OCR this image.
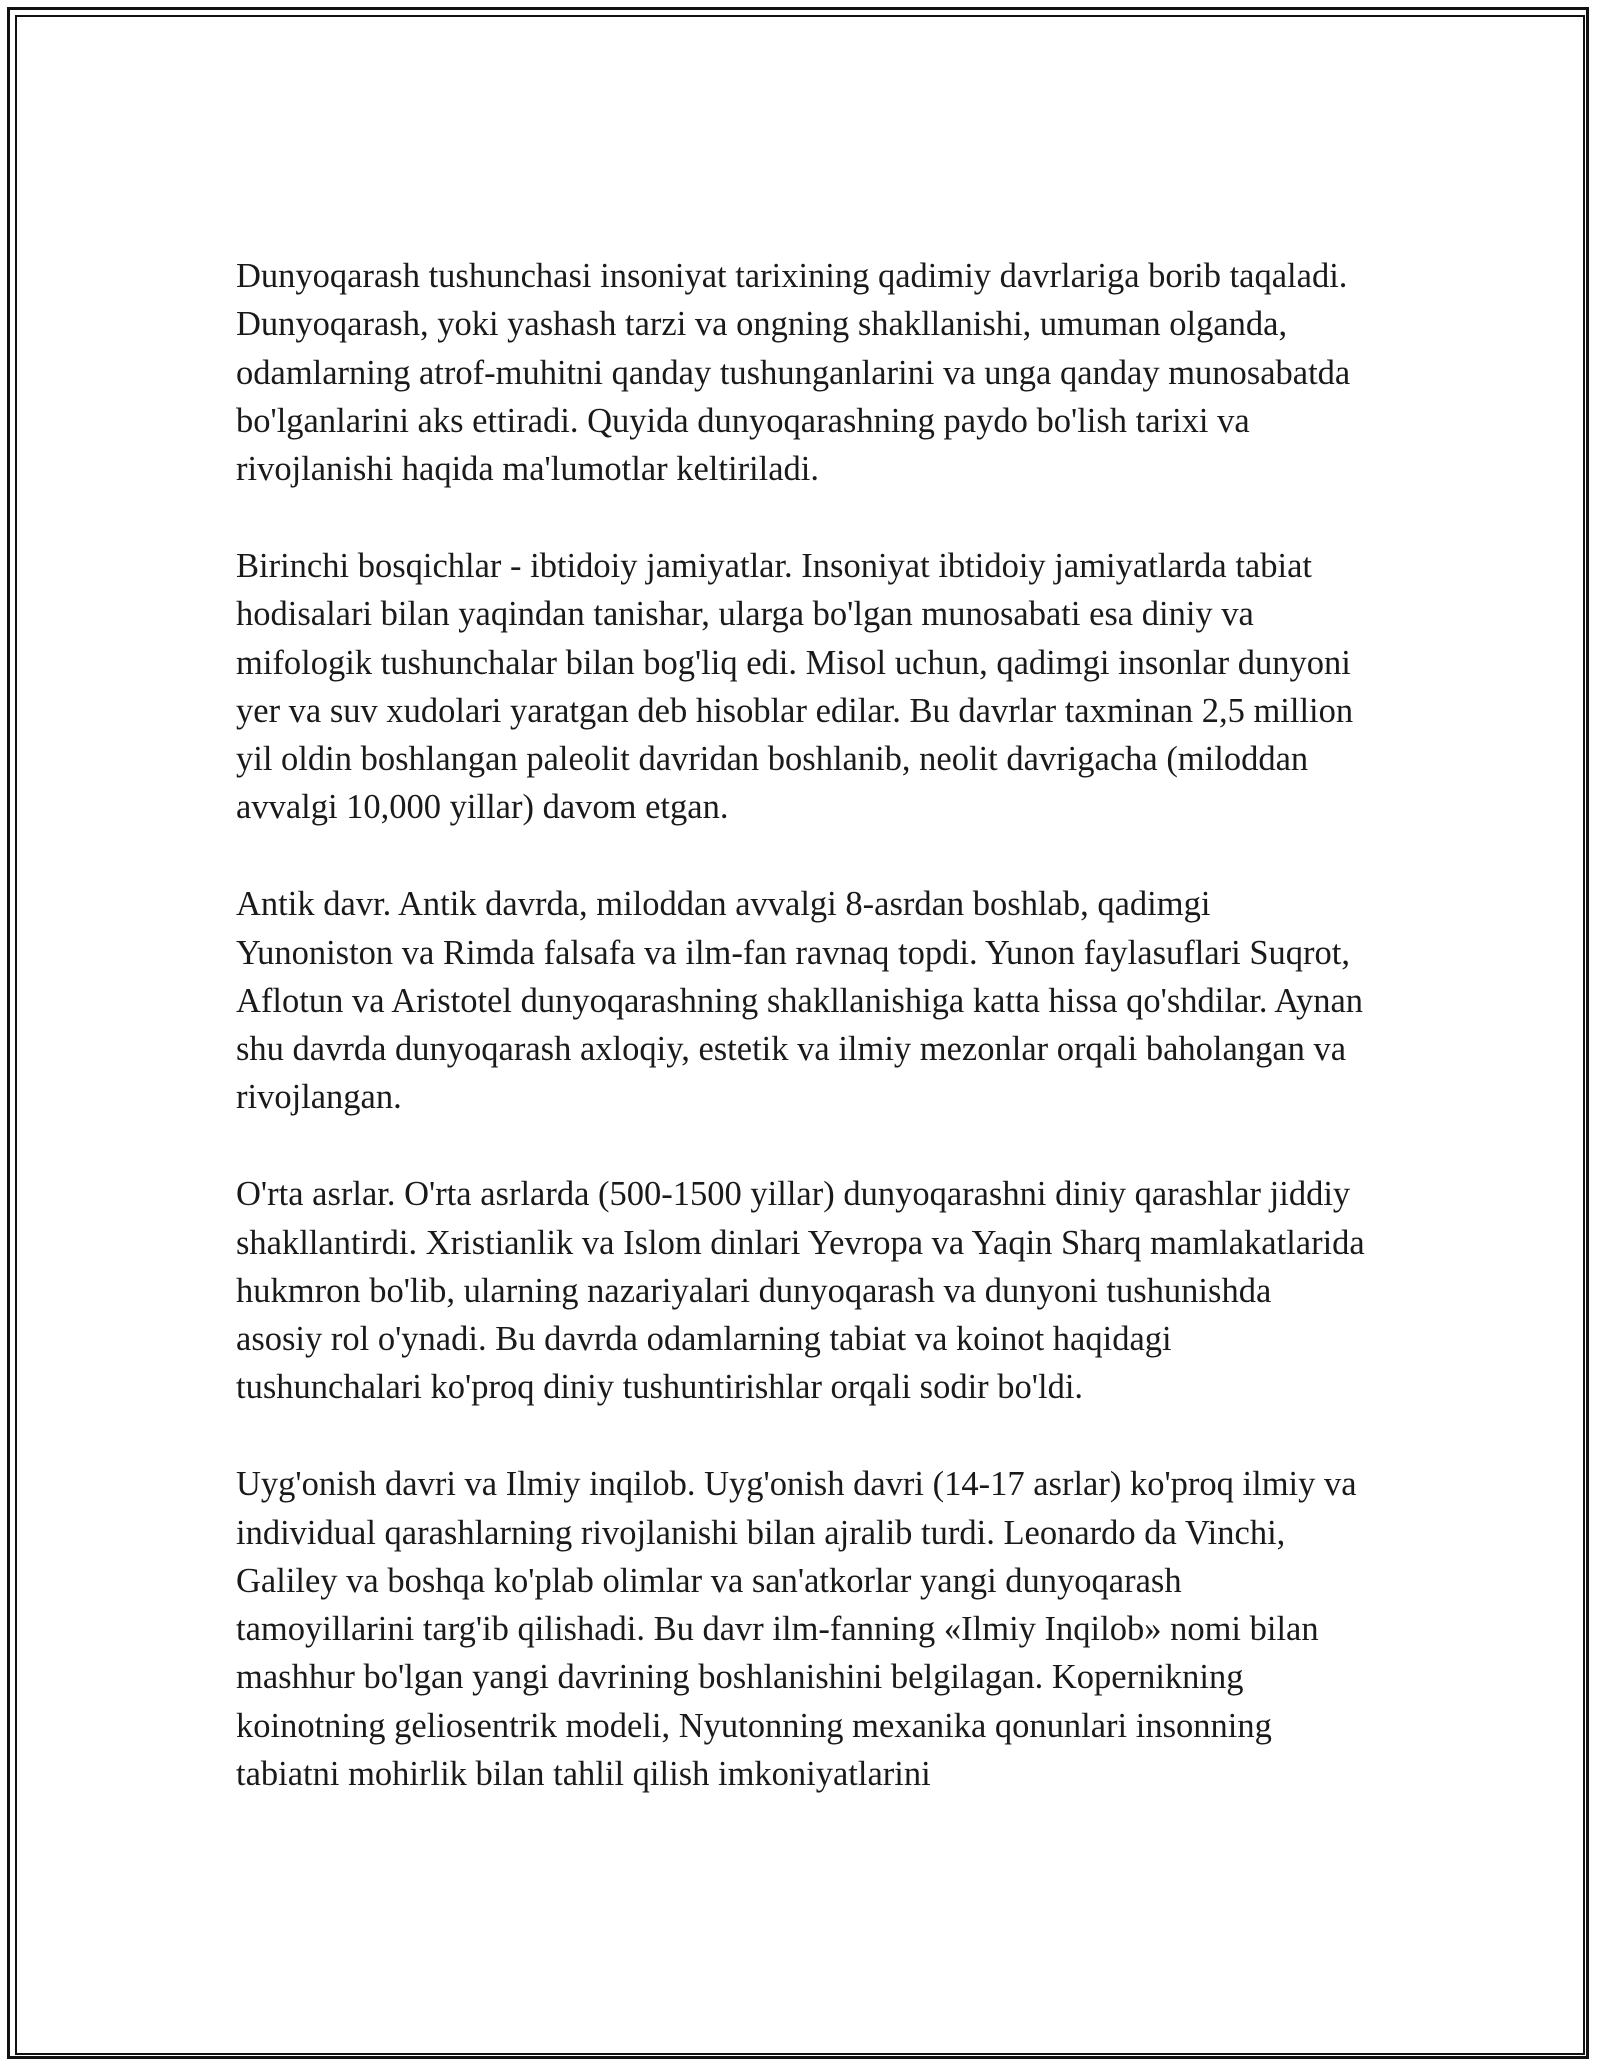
Dunyoqarash tushunchasi insoniyat tarixining qadimiy davrlariga borib taqaladi. Dunyoqarash, yoki yashash tarzi va ongning shakllanishi, umuman olganda, odamlarning atrof-muhitni qanday tushunganlarini va unga qanday munosabatda bo'lganlarini aks ettiradi. Quyida dunyoqarashning paydo bo'lish tarixi va rivojlanishi haqida ma'lumotlar keltiriladi.

Birinchi bosqichlar - ibtidoiy jamiyatlar. Insoniyat ibtidoiy jamiyatlarda tabiat hodisalari bilan yaqindan tanishar, ularga bo'lgan munosabati esa diniy va mifologik tushunchalar bilan bog'liq edi. Misol uchun, qadimgi insonlar dunyoni yer va suv xudolari yaratgan deb hisoblar edilar. Bu davrlar taxminan 2,5 million yil oldin boshlangan paleolit davridan boshlanib, neolit davrigacha (miloddan avvalgi 10,000 yillar) davom etgan.

Antik davr. Antik davrda, miloddan avvalgi 8-asrdan boshlab, qadimgi Yunoniston va Rimda falsafa va ilm-fan ravnaq topdi. Yunon faylasuflari Suqrot, Aflotun va Aristotel dunyoqarashning shakllanishiga katta hissa qo'shdilar. Aynan shu davrda dunyoqarash axloqiy, estetik va ilmiy mezonlar orqali baholangan va rivojlangan.

O'rta asrlar. O'rta asrlarda (500-1500 yillar) dunyoqarashni diniy qarashlar jiddiy shakllantirdi. Xristianlik va Islom dinlari Yevropa va Yaqin Sharq mamlakatlarida hukmron bo'lib, ularning nazariyalari dunyoqarash va dunyoni tushunishda asosiy rol o'ynadi. Bu davrda odamlarning tabiat va koinot haqidagi tushunchalari ko'proq diniy tushuntirishlar orqali sodir bo'ldi.

Uyg'onish davri va Ilmiy inqilob. Uyg'onish davri (14-17 asrlar) ko'proq ilmiy va individual qarashlarning rivojlanishi bilan ajralib turdi. Leonardo da Vinchi, Galiley va boshqa ko'plab olimlar va san'atkorlar yangi dunyoqarash tamoyillarini targ'ib qilishadi. Bu davr ilm-fanning «Ilmiy Inqilob» nomi bilan mashhur bo'lgan yangi davrining boshlanishini belgilagan. Kopernikning koinotning geliosentrik modeli, Nyutonning mexanika qonunlari insonning tabiatni mohirlik bilan tahlil qilish imkoniyatlarini
